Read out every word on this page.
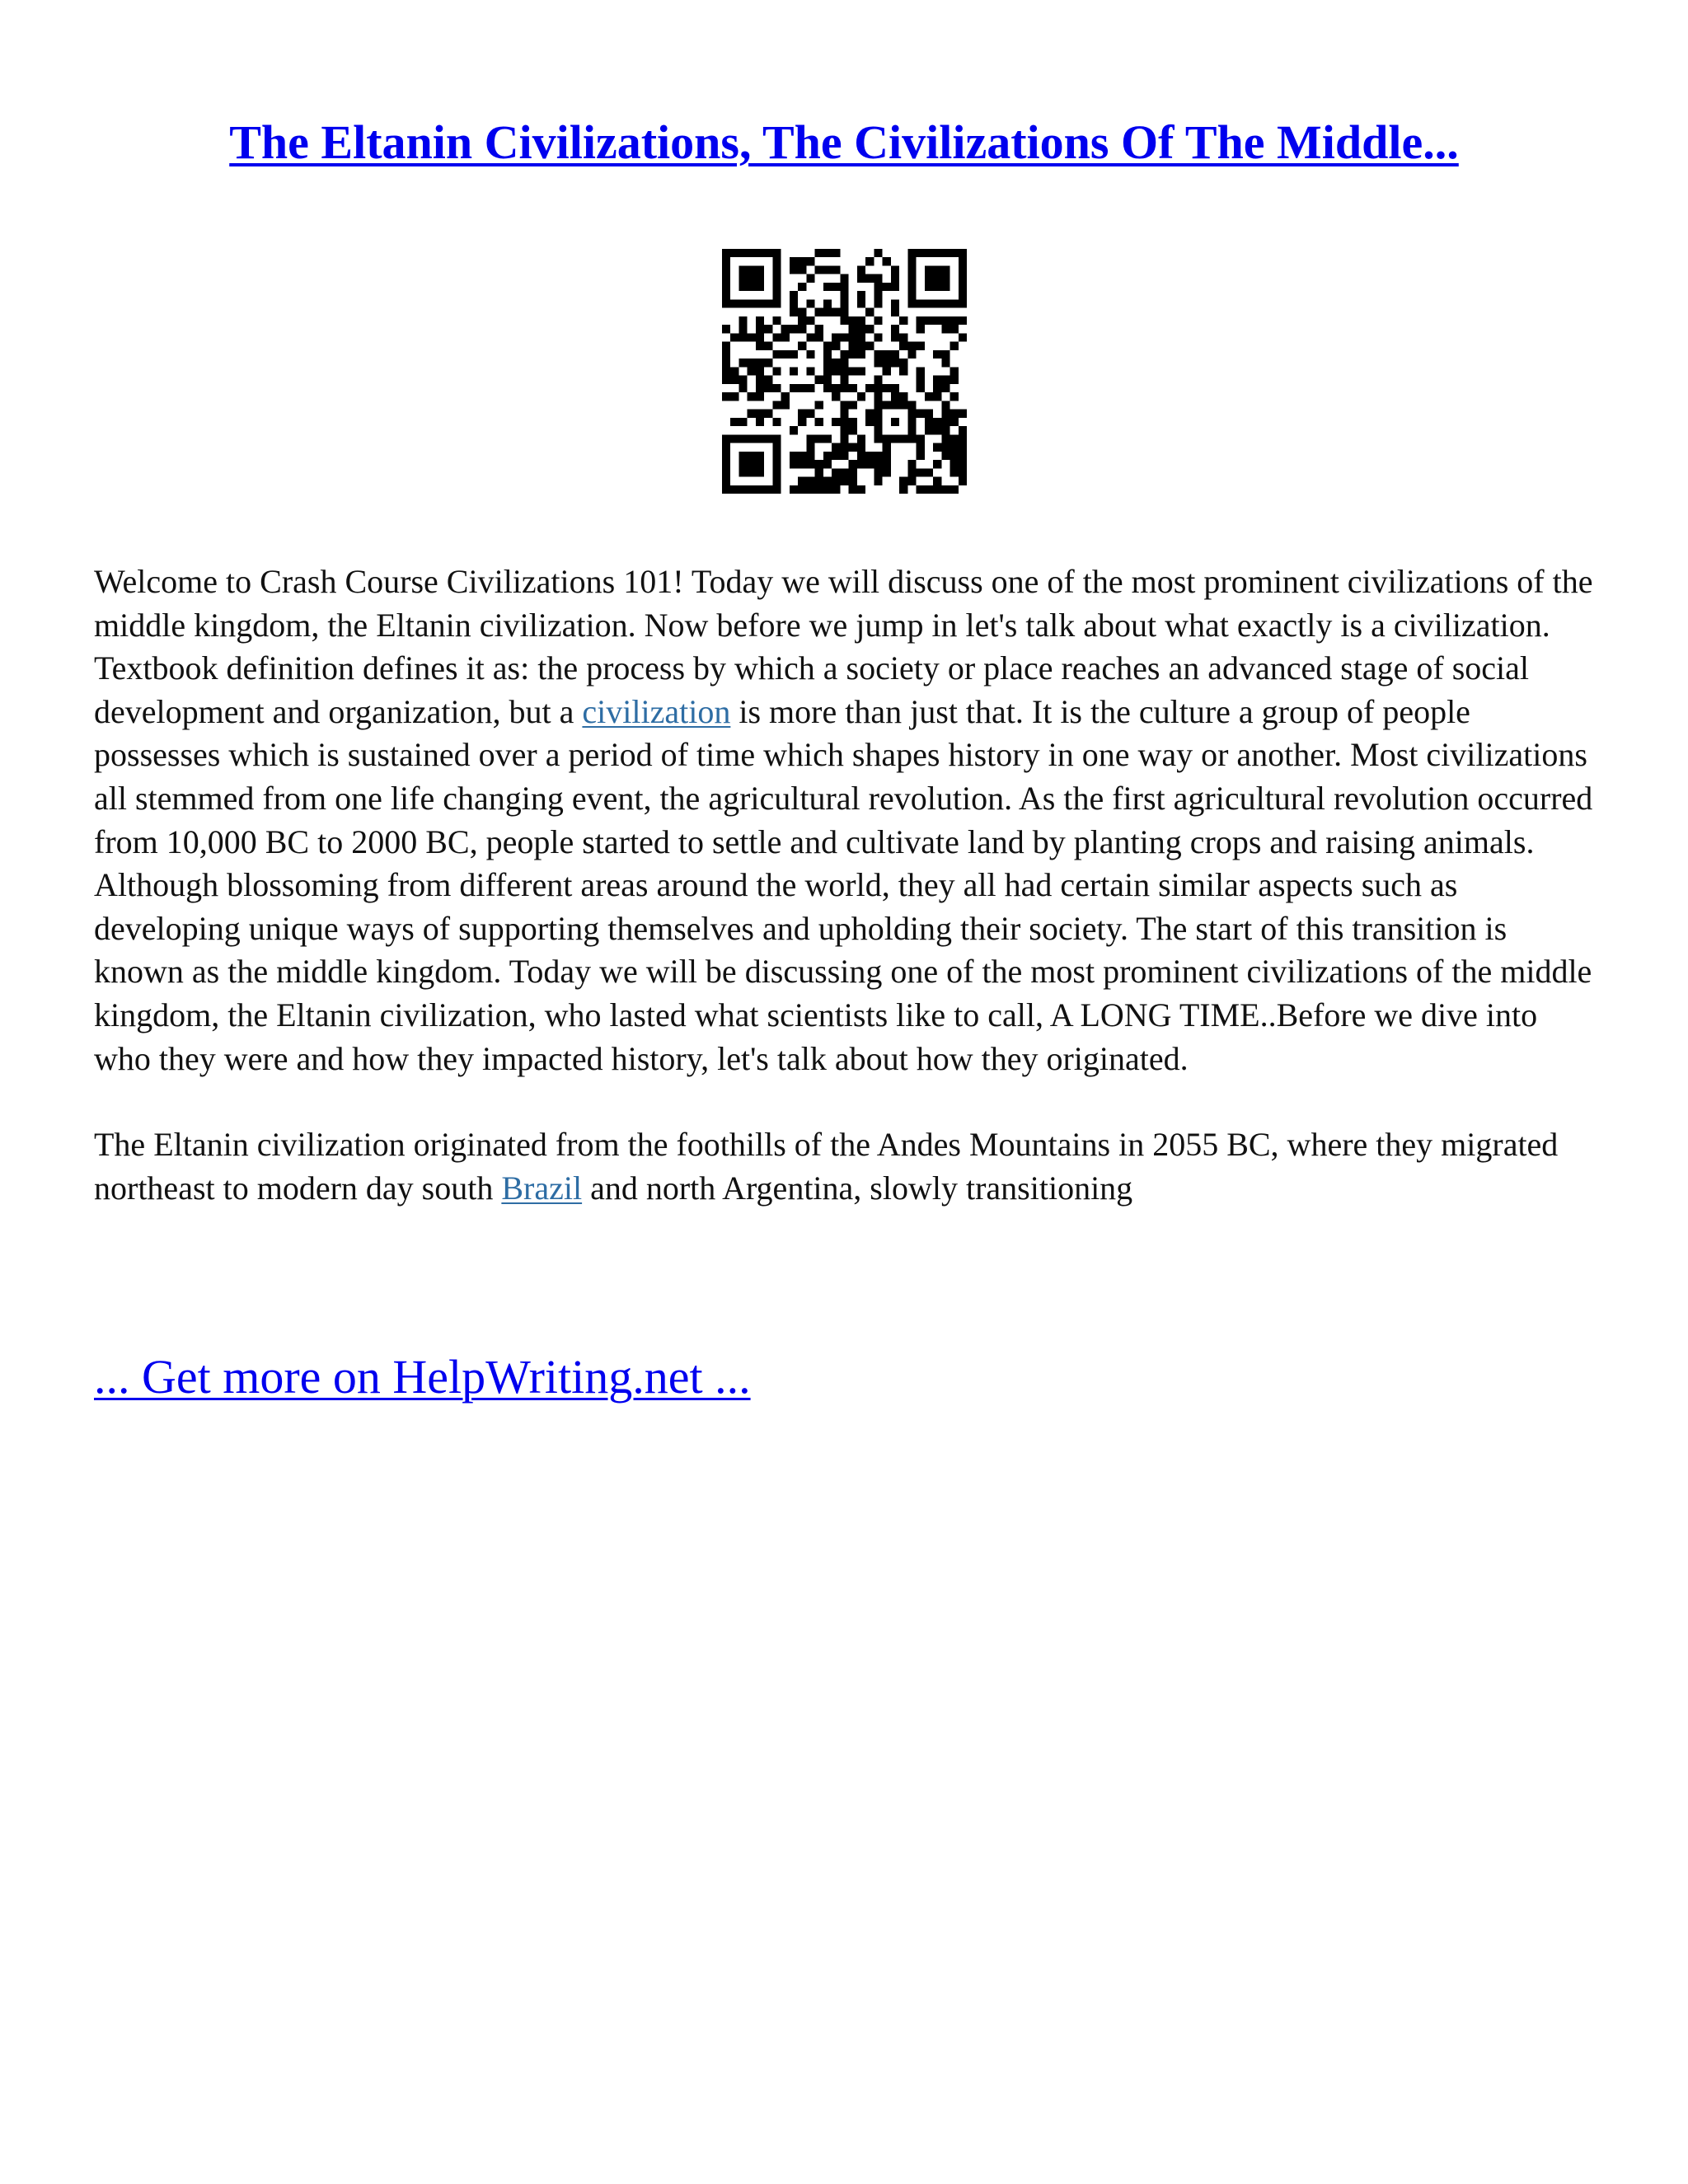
The Eltanin Civilizations, The Civilizations Of The Middle...

Welcome to Crash Course Civilizations 101! Today we will discuss one of the most prominent civilizations of the middle kingdom, the Eltanin civilization. Now before we jump in let's talk about what exactly is a civilization. Textbook definition defines it as: the process by which a society or place reaches an advanced stage of social development and organization, but a civilization is more than just that. It is the culture a group of people possesses which is sustained over a period of time which shapes history in one way or another. Most civilizations all stemmed from one life changing event, the agricultural revolution. As the first agricultural revolution occurred from 10,000 BC to 2000 BC, people started to settle and cultivate land by planting crops and raising animals. Although blossoming from different areas around the world, they all had certain similar aspects such as developing unique ways of supporting themselves and upholding their society. The start of this transition is known as the middle kingdom. Today we will be discussing one of the most prominent civilizations of the middle kingdom, the Eltanin civilization, who lasted what scientists like to call, A LONG TIME..Before we dive into who they were and how they impacted history, let's talk about how they originated.

The Eltanin civilization originated from the foothills of the Andes Mountains in 2055 BC, where they migrated northeast to modern day south Brazil and north Argentina, slowly transitioning

... Get more on HelpWriting.net ...
